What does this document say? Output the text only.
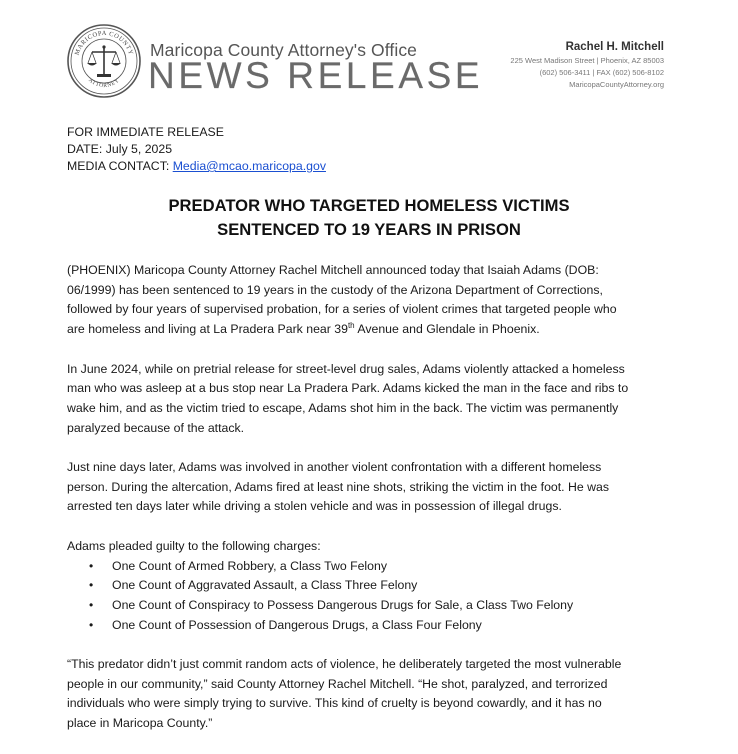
MARICOPA COUNTY
ATTORNEY
Maricopa County Attorney's Office
NEWS RELEASE
Rachel H. Mitchell
225 West Madison Street | Phoenix, AZ 85003
(602) 506-3411 | FAX (602) 506-8102
MaricopaCountyAttorney.org
FOR IMMEDIATE RELEASE
DATE: July 5, 2025
MEDIA CONTACT: Media@mcao.maricopa.gov
PREDATOR WHO TARGETED HOMELESS VICTIMS
SENTENCED TO 19 YEARS IN PRISON

(PHOENIX) Maricopa County Attorney Rachel Mitchell announced today that Isaiah Adams (DOB:
06/1999) has been sentenced to 19 years in the custody of the Arizona Department of Corrections,
followed by four years of supervised probation, for a series of violent crimes that targeted people who
are homeless and living at La Pradera Park near 39th Avenue and Glendale in Phoenix.

In June 2024, while on pretrial release for street-level drug sales, Adams violently attacked a homeless
man who was asleep at a bus stop near La Pradera Park. Adams kicked the man in the face and ribs to
wake him, and as the victim tried to escape, Adams shot him in the back. The victim was permanently
paralyzed because of the attack.

Just nine days later, Adams was involved in another violent confrontation with a different homeless
person. During the altercation, Adams fired at least nine shots, striking the victim in the foot. He was
arrested ten days later while driving a stolen vehicle and was in possession of illegal drugs.

Adams pleaded guilty to the following charges:
• One Count of Armed Robbery, a Class Two Felony
• One Count of Aggravated Assault, a Class Three Felony
• One Count of Conspiracy to Possess Dangerous Drugs for Sale, a Class Two Felony
• One Count of Possession of Dangerous Drugs, a Class Four Felony

“This predator didn’t just commit random acts of violence, he deliberately targeted the most vulnerable
people in our community,” said County Attorney Rachel Mitchell. “He shot, paralyzed, and terrorized
individuals who were simply trying to survive. This kind of cruelty is beyond cowardly, and it has no
place in Maricopa County.”
